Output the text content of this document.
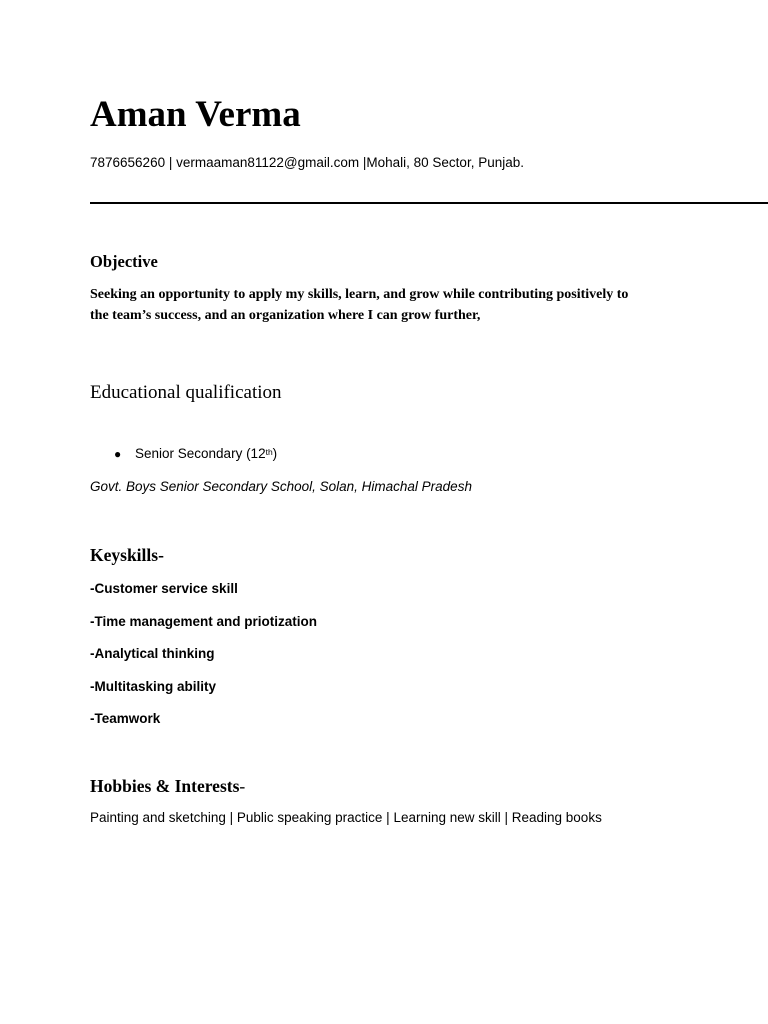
Aman Verma
7876656260 | vermaaman81122@gmail.com |Mohali, 80 Sector, Punjab.
Objective

Seeking an opportunity to apply my skills, learn, and grow while contributing positively to
the team’s success, and an organization where I can grow further,

Educational qualification
● Senior Secondary (12th)
Govt. Boys Senior Secondary School, Solan, Himachal Pradesh
Keyskills-
-Customer service skill
-Time management and priotization
-Analytical thinking
-Multitasking ability
-Teamwork
Hobbies & Interests-
Painting and sketching | Public speaking practice | Learning new skill | Reading books
